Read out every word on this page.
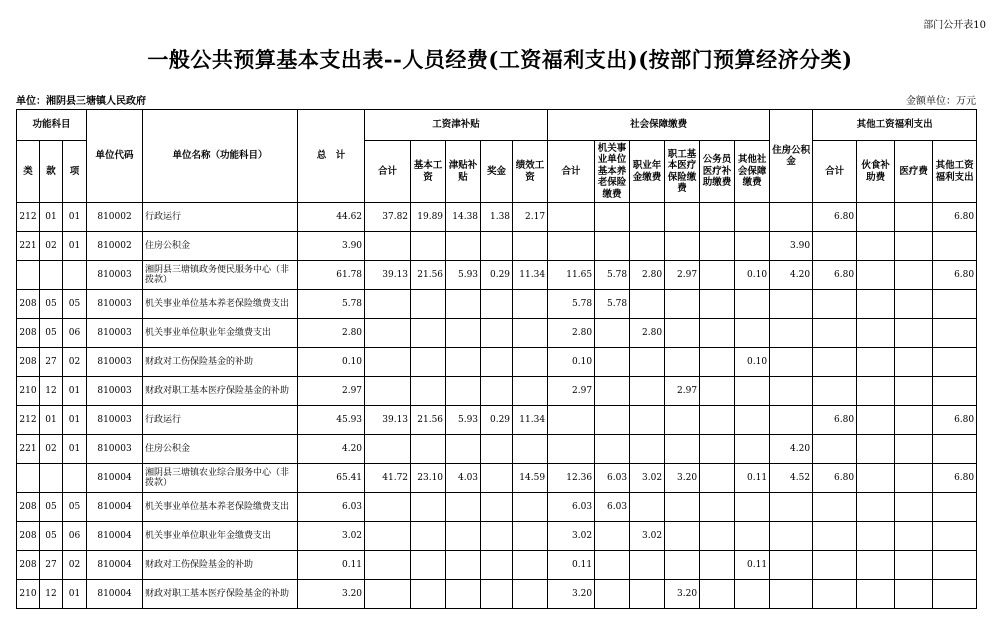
部门公开表10
一般公共预算基本支出表--人员经费(工资福利支出)(按部门预算经济分类)
单位：湘阴县三塘镇人民政府	金额单位：万元
功能科目			单位代码	单位名称（功能科目）	总　计	工资津补贴					社会保障缴费						住房公积金	其他工资福利支出			
类	款	项				合计	基本工资	津贴补贴	奖金	绩效工资	合计	机关事业单位基本养老保险缴费	职业年金缴费	职工基本医疗保险缴费	公务员医疗补助缴费	其他社会保障缴费		合计	伙食补助费	医疗费	其他工资福利支出
212	01	01	810002	行政运行	44.62	37.82	19.89	14.38	1.38	2.17								6.80			6.80
221	02	01	810002	住房公积金	3.90												3.90				
			810003	湘阴县三塘镇政务便民服务中心（非拨款）	61.78	39.13	21.56	5.93	0.29	11.34	11.65	5.78	2.80	2.97		0.10	4.20	6.80			6.80
208	05	05	810003	机关事业单位基本养老保险缴费支出	5.78						5.78	5.78									
208	05	06	810003	机关事业单位职业年金缴费支出	2.80						2.80		2.80								
208	27	02	810003	财政对工伤保险基金的补助	0.10						0.10					0.10					
210	12	01	810003	财政对职工基本医疗保险基金的补助	2.97						2.97			2.97							
212	01	01	810003	行政运行	45.93	39.13	21.56	5.93	0.29	11.34								6.80			6.80
221	02	01	810003	住房公积金	4.20												4.20				
			810004	湘阴县三塘镇农业综合服务中心（非拨款）	65.41	41.72	23.10	4.03		14.59	12.36	6.03	3.02	3.20		0.11	4.52	6.80			6.80
208	05	05	810004	机关事业单位基本养老保险缴费支出	6.03						6.03	6.03									
208	05	06	810004	机关事业单位职业年金缴费支出	3.02						3.02		3.02								
208	27	02	810004	财政对工伤保险基金的补助	0.11						0.11					0.11					
210	12	01	810004	财政对职工基本医疗保险基金的补助	3.20						3.20			3.20							
